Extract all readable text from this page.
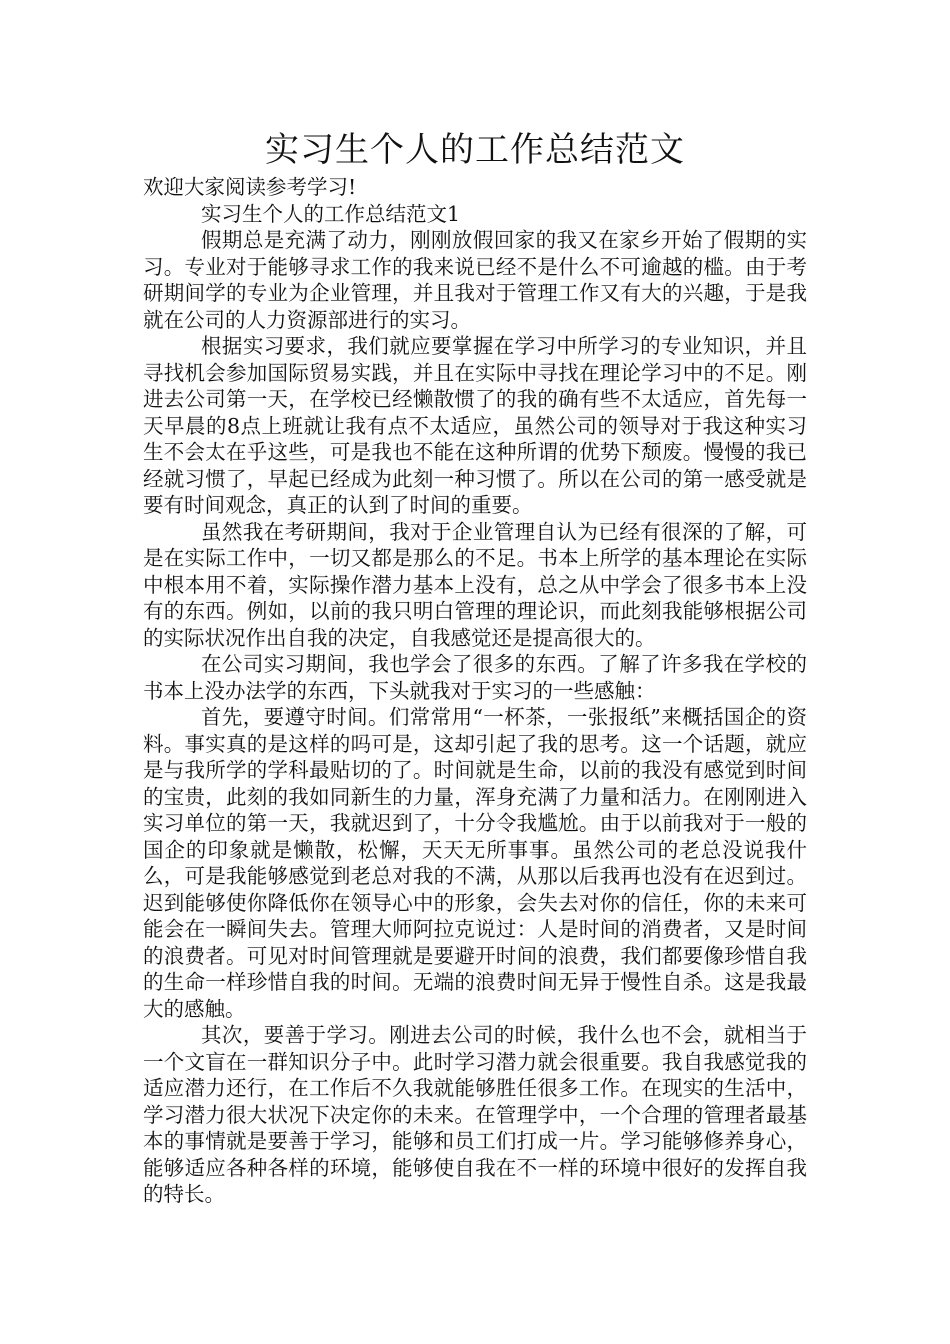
实习生个人的工作总结范文

欢迎大家阅读参考学习!

实习生个人的工作总结范文1

假期总是充满了动力，刚刚放假回家的我又在家乡开始了假期的实习。专业对于能够寻求工作的我来说已经不是什么不可逾越的槛。由于考研期间学的专业为企业管理，并且我对于管理工作又有大的兴趣，于是我就在公司的人力资源部进行的实习。

根据实习要求，我们就应要掌握在学习中所学习的专业知识，并且寻找机会参加国际贸易实践，并且在实际中寻找在理论学习中的不足。刚进去公司第一天，在学校已经懒散惯了的我的确有些不太适应，首先每一天早晨的8点上班就让我有点不太适应，虽然公司的领导对于我这种实习生不会太在乎这些，可是我也不能在这种所谓的优势下颓废。慢慢的我已经就习惯了，早起已经成为此刻一种习惯了。所以在公司的第一感受就是要有时间观念，真正的认到了时间的重要。

虽然我在考研期间，我对于企业管理自认为已经有很深的了解，可是在实际工作中，一切又都是那么的不足。书本上所学的基本理论在实际中根本用不着，实际操作潜力基本上没有，总之从中学会了很多书本上没有的东西。例如，以前的我只明白管理的理论识，而此刻我能够根据公司的实际状况作出自我的决定，自我感觉还是提高很大的。

在公司实习期间，我也学会了很多的东西。了解了许多我在学校的书本上没办法学的东西，下头就我对于实习的一些感触：

首先，要遵守时间。们常常用“一杯茶，一张报纸”来概括国企的资料。事实真的是这样的吗可是，这却引起了我的思考。这一个话题，就应是与我所学的学科最贴切的了。时间就是生命，以前的我没有感觉到时间的宝贵，此刻的我如同新生的力量，浑身充满了力量和活力。在刚刚进入实习单位的第一天，我就迟到了，十分令我尴尬。由于以前我对于一般的国企的印象就是懒散，松懈，天天无所事事。虽然公司的老总没说我什么，可是我能够感觉到老总对我的不满，从那以后我再也没有在迟到过。迟到能够使你降低你在领导心中的形象，会失去对你的信任，你的未来可能会在一瞬间失去。管理大师阿拉克说过：人是时间的消费者，又是时间的浪费者。可见对时间管理就是要避开时间的浪费，我们都要像珍惜自我的生命一样珍惜自我的时间。无端的浪费时间无异于慢性自杀。这是我最大的感触。

其次，要善于学习。刚进去公司的时候，我什么也不会，就相当于一个文盲在一群知识分子中。此时学习潜力就会很重要。我自我感觉我的适应潜力还行，在工作后不久我就能够胜任很多工作。在现实的生活中，学习潜力很大状况下决定你的未来。在管理学中，一个合理的管理者最基本的事情就是要善于学习，能够和员工们打成一片。学习能够修养身心，能够适应各种各样的环境，能够使自我在不一样的环境中很好的发挥自我的特长。
